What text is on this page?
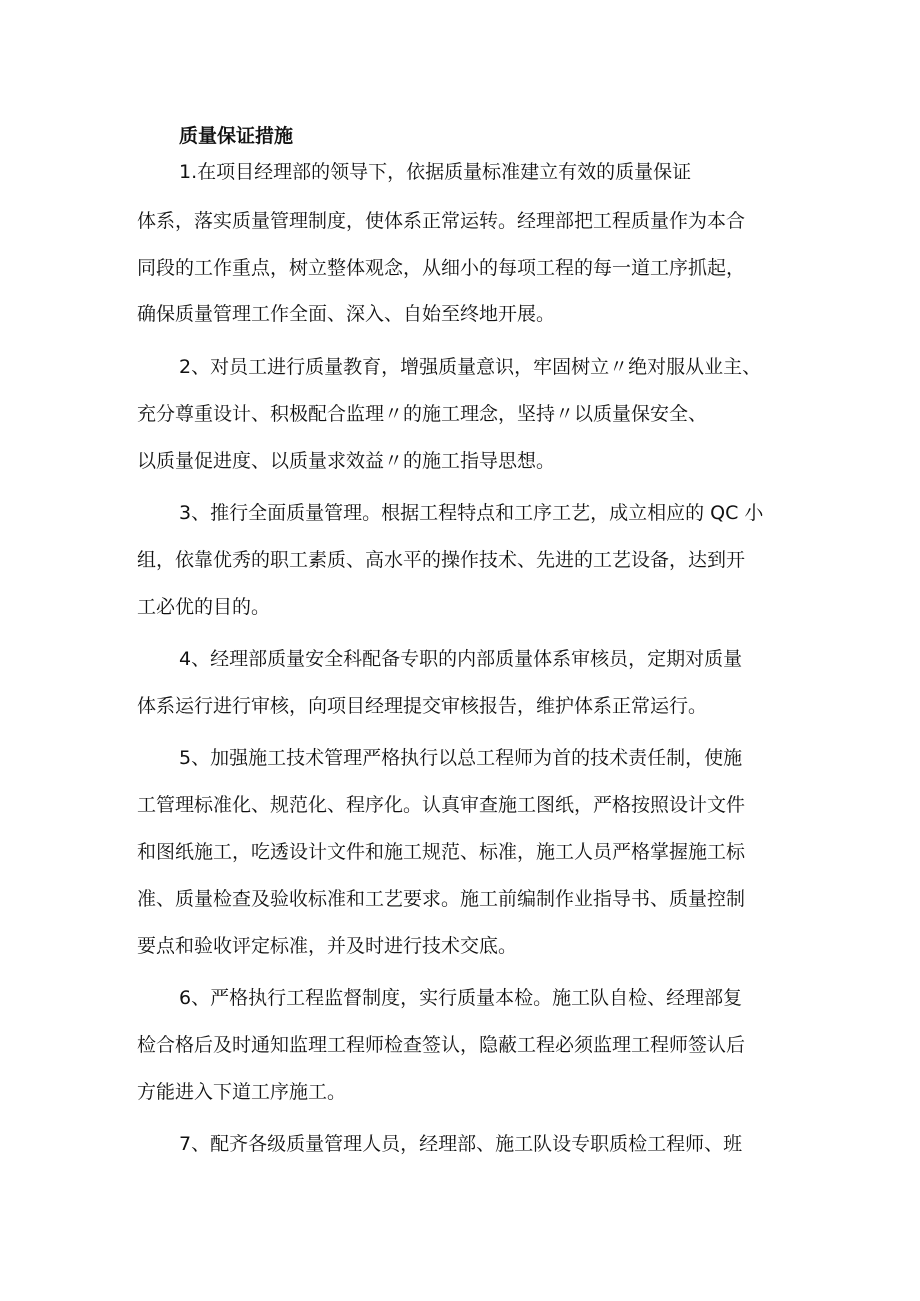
质量保证措施
1.在项目经理部的领导下，依据质量标准建立有效的质量保证
体系，落实质量管理制度，使体系正常运转。经理部把工程质量作为本合
同段的工作重点，树立整体观念，从细小的每项工程的每一道工序抓起，
确保质量管理工作全面、深入、自始至终地开展。
2、对员工进行质量教育，增强质量意识，牢固树立〃绝对服从业主、
充分尊重设计、积极配合监理〃的施工理念，坚持〃以质量保安全、
以质量促进度、以质量求效益〃的施工指导思想。
3、推行全面质量管理。根据工程特点和工序工艺，成立相应的 QC 小
组，依靠优秀的职工素质、高水平的操作技术、先进的工艺设备，达到开
工必优的目的。
4、经理部质量安全科配备专职的内部质量体系审核员，定期对质量
体系运行进行审核，向项目经理提交审核报告，维护体系正常运行。
5、加强施工技术管理严格执行以总工程师为首的技术责任制，使施
工管理标准化、规范化、程序化。认真审查施工图纸，严格按照设计文件
和图纸施工，吃透设计文件和施工规范、标准，施工人员严格掌握施工标
准、质量检查及验收标准和工艺要求。施工前编制作业指导书、质量控制
要点和验收评定标准，并及时进行技术交底。
6、严格执行工程监督制度，实行质量本检。施工队自检、经理部复
检合格后及时通知监理工程师检查签认，隐蔽工程必须监理工程师签认后
方能进入下道工序施工。
7、配齐各级质量管理人员，经理部、施工队设专职质检工程师、班
